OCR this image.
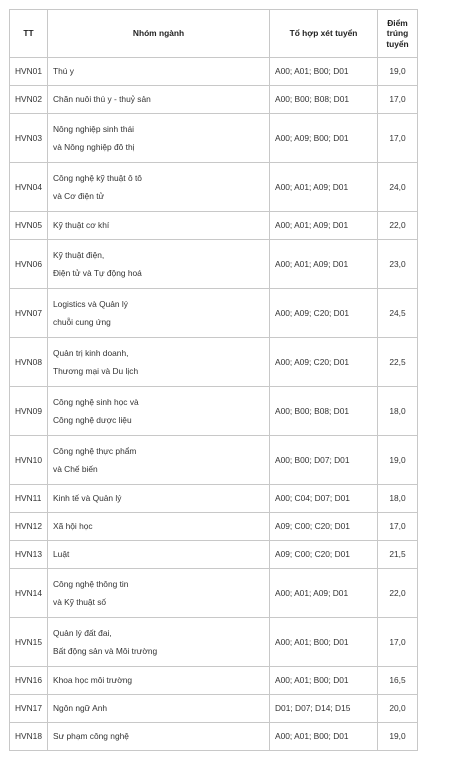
TT	Nhóm ngành	Tổ hợp xét tuyển	Điểm trúng tuyển
HVN01	Thú y	A00; A01; B00; D01	19,0
HVN02	Chăn nuôi thú y - thuỷ sản	A00; B00; B08; D01	17,0
HVN03	Nông nghiệp sinh thái
và Nông nghiệp đô thị	A00; A09; B00; D01	17,0
HVN04	Công nghệ kỹ thuật ô tô
và Cơ điện tử	A00; A01; A09; D01	24,0
HVN05	Kỹ thuật cơ khí	A00; A01; A09; D01	22,0
HVN06	Kỹ thuật điện,
Điện tử và Tự động hoá	A00; A01; A09; D01	23,0
HVN07	Logistics và Quản lý
chuỗi cung ứng	A00; A09; C20; D01	24,5
HVN08	Quản trị kinh doanh,
Thương mại và Du lịch	A00; A09; C20; D01	22,5
HVN09	Công nghệ sinh học và
Công nghệ dược liệu	A00; B00; B08; D01	18,0
HVN10	Công nghệ thực phẩm
và Chế biến	A00; B00; D07; D01	19,0
HVN11	Kinh tế và Quản lý	A00; C04; D07; D01	18,0
HVN12	Xã hội học	A09; C00; C20; D01	17,0
HVN13	Luật	A09; C00; C20; D01	21,5
HVN14	Công nghệ thông tin
và Kỹ thuật số	A00; A01; A09; D01	22,0
HVN15	Quản lý đất đai,
Bất động sản và Môi trường	A00; A01; B00; D01	17,0
HVN16	Khoa học môi trường	A00; A01; B00; D01	16,5
HVN17	Ngôn ngữ Anh	D01; D07; D14; D15	20,0
HVN18	Sư phạm công nghệ	A00; A01; B00; D01	19,0
